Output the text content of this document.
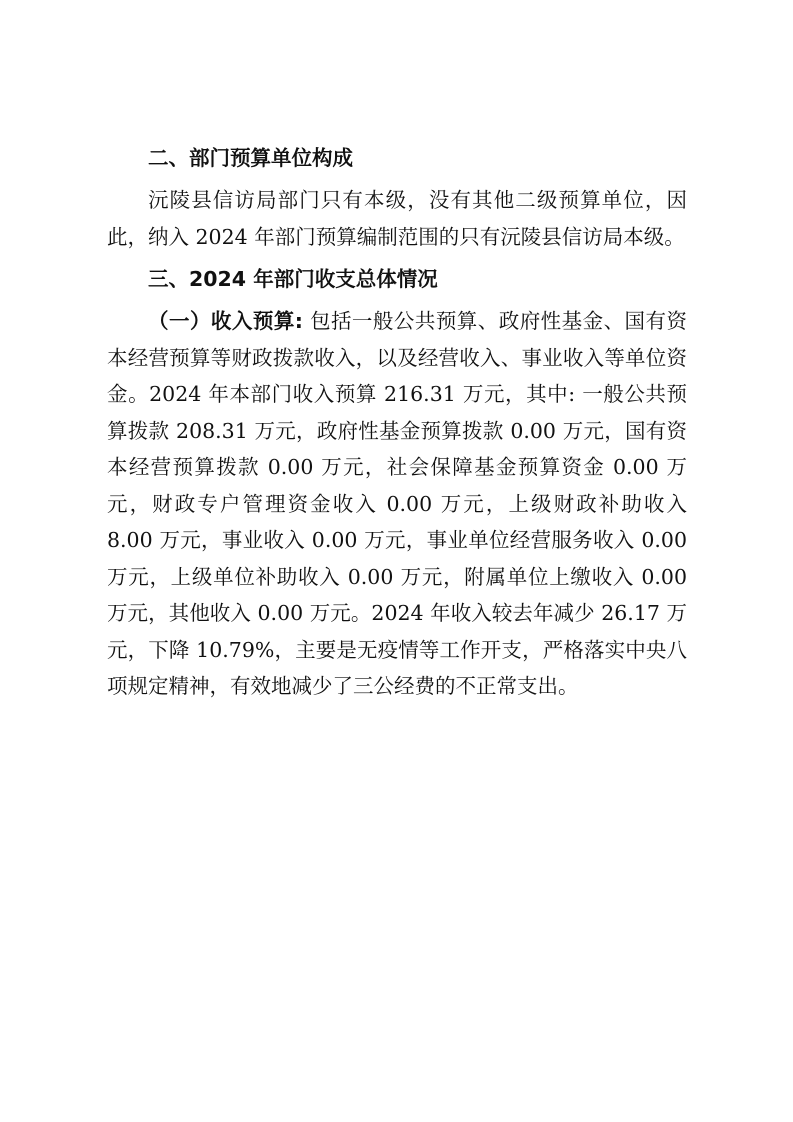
二、部门预算单位构成

沅陵县信访局部门只有本级，没有其他二级预算单位，因此，纳入 2024 年部门预算编制范围的只有沅陵县信访局本级。

三、2024 年部门收支总体情况

（一）收入预算: 包括一般公共预算、政府性基金、国有资本经营预算等财政拨款收入，以及经营收入、事业收入等单位资金。2024 年本部门收入预算 216.31 万元，其中: 一般公共预算拨款 208.31 万元，政府性基金预算拨款 0.00 万元，国有资本经营预算拨款 0.00 万元，社会保障基金预算资金 0.00 万元，财政专户管理资金收入 0.00 万元，上级财政补助收入 8.00 万元，事业收入 0.00 万元，事业单位经营服务收入 0.00 万元，上级单位补助收入 0.00 万元，附属单位上缴收入 0.00 万元，其他收入 0.00 万元。2024 年收入较去年减少 26.17 万元，下降 10.79%，主要是无疫情等工作开支，严格落实中央八项规定精神，有效地减少了三公经费的不正常支出。
